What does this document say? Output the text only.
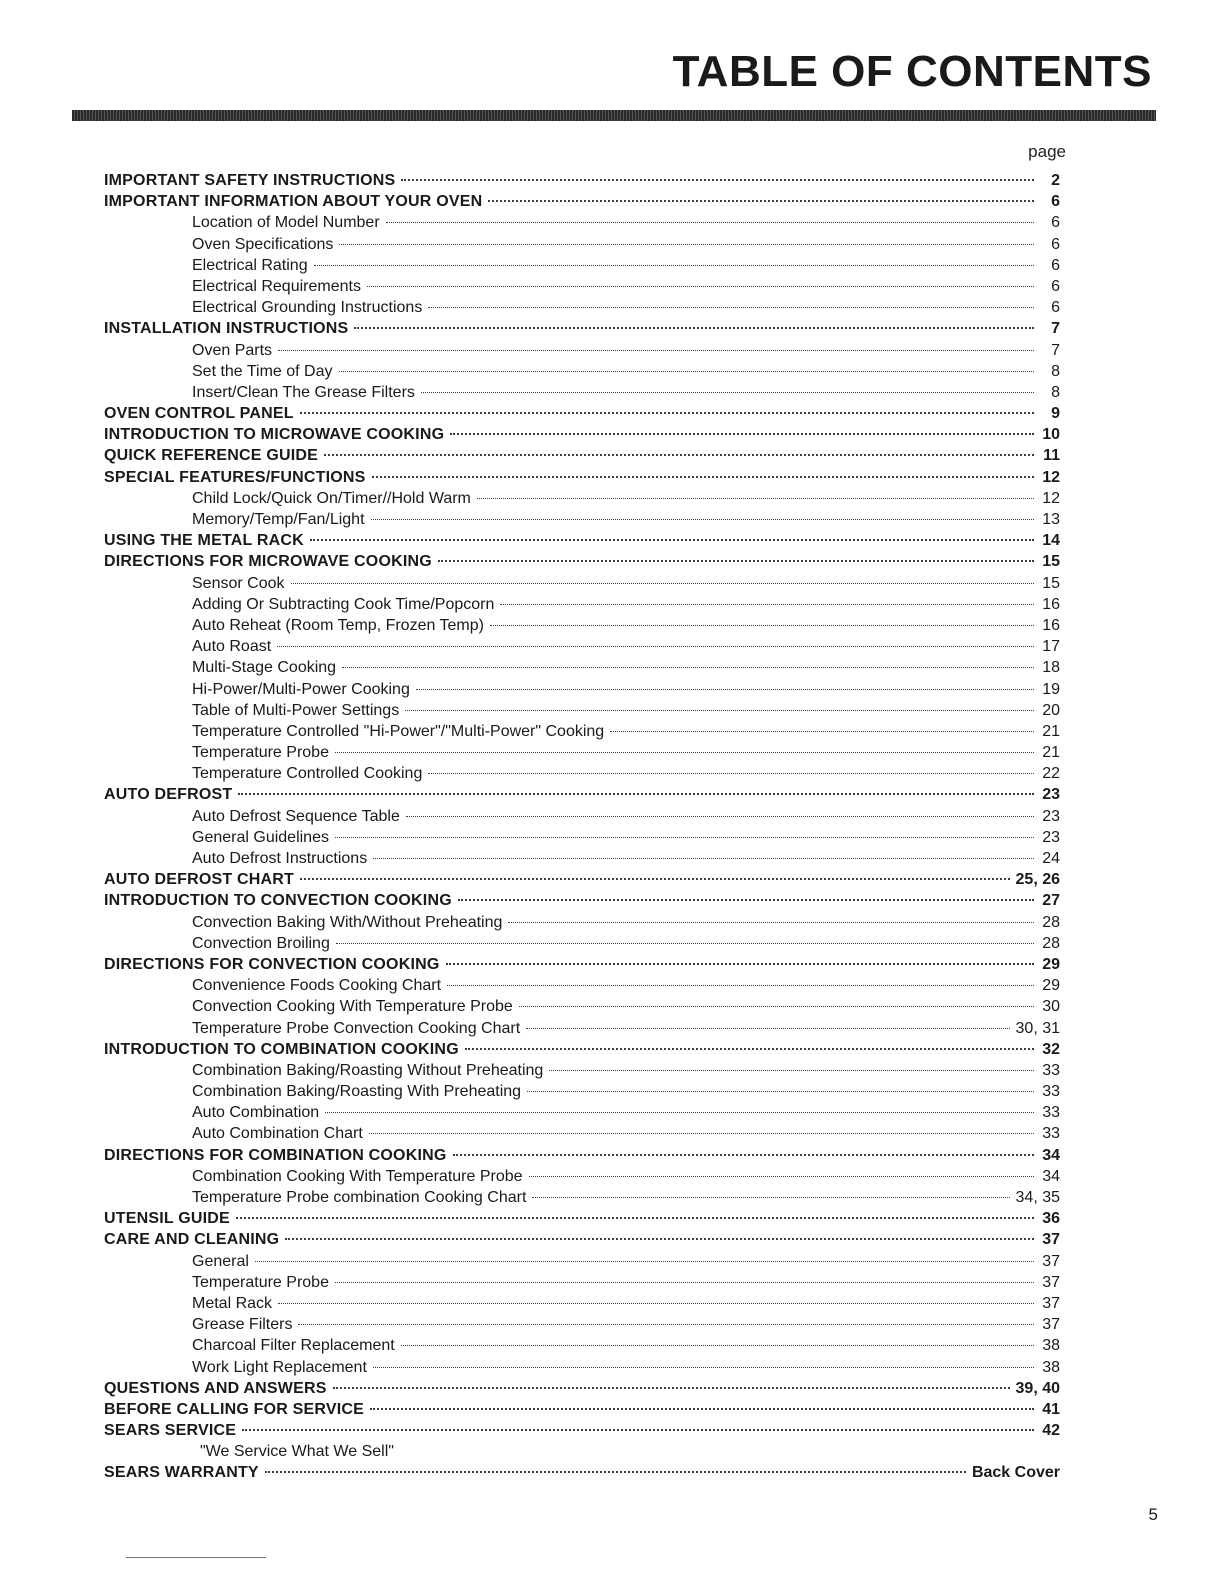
TABLE OF CONTENTS
page
IMPORTANT SAFETY INSTRUCTIONS	2
IMPORTANT INFORMATION ABOUT YOUR OVEN	6
Location of Model Number	6
Oven Specifications	6
Electrical Rating	6
Electrical Requirements	6
Electrical Grounding Instructions	6
INSTALLATION INSTRUCTIONS	7
Oven Parts	7
Set the Time of Day	8
Insert/Clean The Grease Filters	8
OVEN CONTROL PANEL	9
INTRODUCTION TO MICROWAVE COOKING	10
QUICK REFERENCE GUIDE	11
SPECIAL FEATURES/FUNCTIONS	12
Child Lock/Quick On/Timer//Hold Warm	12
Memory/Temp/Fan/Light	13
USING THE METAL RACK	14
DIRECTIONS FOR MICROWAVE COOKING	15
Sensor Cook	15
Adding Or Subtracting Cook Time/Popcorn	16
Auto Reheat (Room Temp, Frozen Temp)	16
Auto Roast	17
Multi-Stage Cooking	18
Hi-Power/Multi-Power Cooking	19
Table of Multi-Power Settings	20
Temperature Controlled "Hi-Power"/"Multi-Power" Cooking	21
Temperature Probe	21
Temperature Controlled Cooking	22
AUTO DEFROST	23
Auto Defrost Sequence Table	23
General Guidelines	23
Auto Defrost Instructions	24
AUTO DEFROST CHART	25, 26
INTRODUCTION TO CONVECTION COOKING	27
Convection Baking With/Without Preheating	28
Convection Broiling	28
DIRECTIONS FOR CONVECTION COOKING	29
Convenience Foods Cooking Chart	29
Convection Cooking With Temperature Probe	30
Temperature Probe Convection Cooking Chart	30, 31
INTRODUCTION TO COMBINATION COOKING	32
Combination Baking/Roasting Without Preheating	33
Combination Baking/Roasting With Preheating	33
Auto Combination	33
Auto Combination Chart	33
DIRECTIONS FOR COMBINATION COOKING	34
Combination Cooking With Temperature Probe	34
Temperature Probe combination Cooking Chart	34, 35
UTENSIL GUIDE	36
CARE AND CLEANING	37
General	37
Temperature Probe	37
Metal Rack	37
Grease Filters	37
Charcoal Filter Replacement	38
Work Light Replacement	38
QUESTIONS AND ANSWERS	39, 40
BEFORE CALLING FOR SERVICE	41
SEARS SERVICE	42
"We Service What We Sell"
SEARS WARRANTY	Back Cover
5
